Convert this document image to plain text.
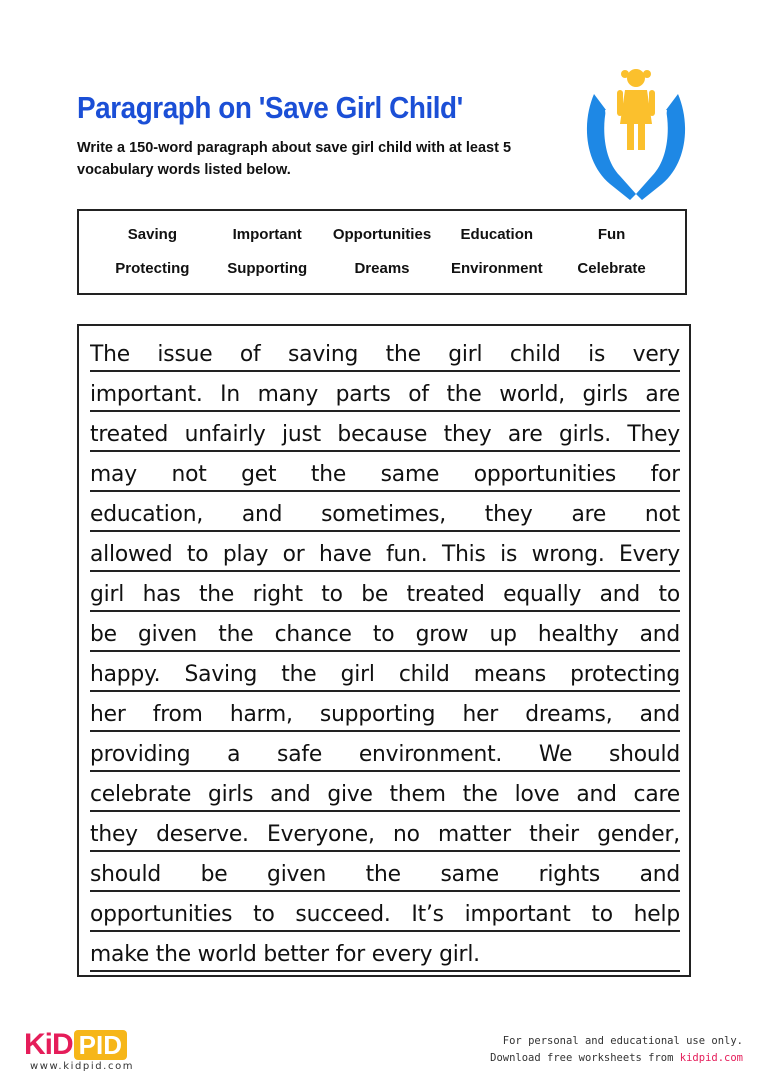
Paragraph on 'Save Girl Child'

Write a 150-word paragraph about save girl child with at least 5 vocabulary words listed below.

Saving	Important	Opportunities	Education	Fun
Protecting	Supporting	Dreams	Environment	Celebrate
The issue of saving the girl child is very
important. In many parts of the world, girls are
treated unfairly just because they are girls. They
may not get the same opportunities for
education, and sometimes, they are not
allowed to play or have fun. This is wrong. Every
girl has the right to be treated equally and to
be given the chance to grow up healthy and
happy. Saving the girl child means protecting
her from harm, supporting her dreams, and
providing a safe environment. We should
celebrate girls and give them the love and care
they deserve. Everyone, no matter their gender,
should be given the same rights and
opportunities to succeed. It’s important to help
make the world better for every girl.
KiD PID
www.kidpid.com
For personal and educational use only.
Download free worksheets from kidpid.com
